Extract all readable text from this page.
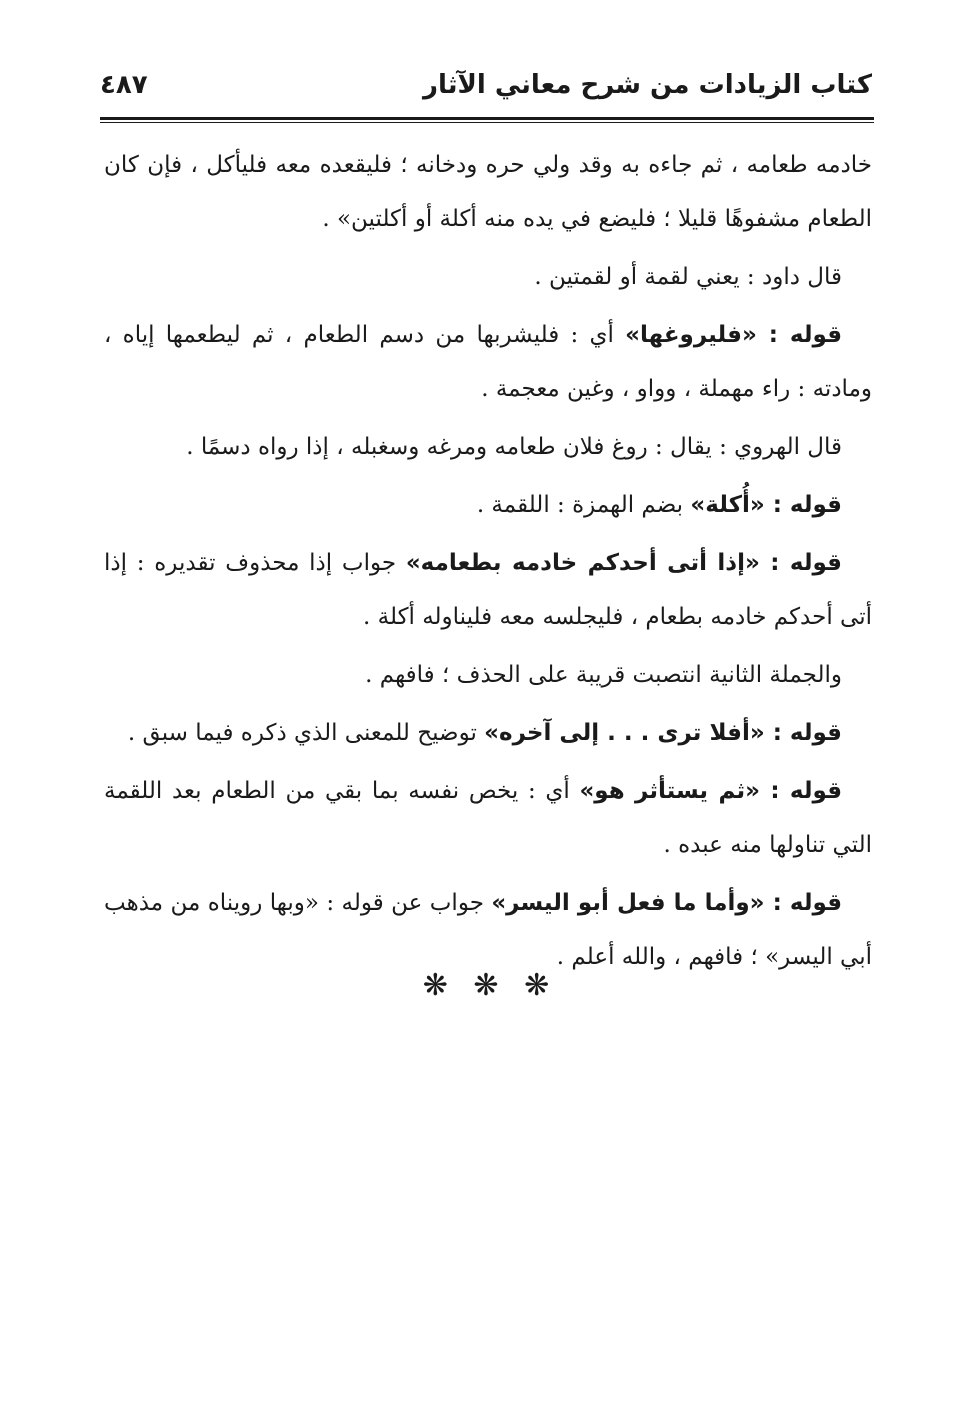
كتاب الزيادات من شرح معاني الآثار
٤٨٧

خادمه طعامه ، ثم جاءه به وقد ولي حره ودخانه ؛ فليقعده معه فليأكل ، فإن كان الطعام مشفوهًا قليلا ؛ فليضع في يده منه أكلة أو أكلتين» .

قال داود : يعني لقمة أو لقمتين .

قوله : «فليروغها» أي : فليشربها من دسم الطعام ، ثم ليطعمها إياه ، ومادته : راء مهملة ، وواو ، وغين معجمة .

قال الهروي : يقال : روغ فلان طعامه ومرغه وسغبله ، إذا رواه دسمًا .

قوله : «أُكلة» بضم الهمزة : اللقمة .

قوله : «إذا أتى أحدكم خادمه بطعامه» جواب إذا محذوف تقديره : إذا أتى أحدكم خادمه بطعام ، فليجلسه معه فليناوله أكلة .

والجملة الثانية انتصبت قريبة على الحذف ؛ فافهم .

قوله : «أفلا ترى . . . إلى آخره» توضيح للمعنى الذي ذكره فيما سبق .

قوله : «ثم يستأثر هو» أي : يخص نفسه بما بقي من الطعام بعد اللقمة التي تناولها منه عبده .

قوله : «وأما ما فعل أبو اليسر» جواب عن قوله : «وبها رويناه من مذهب أبي اليسر» ؛ فافهم ، والله أعلم .

❋ ❋ ❋
